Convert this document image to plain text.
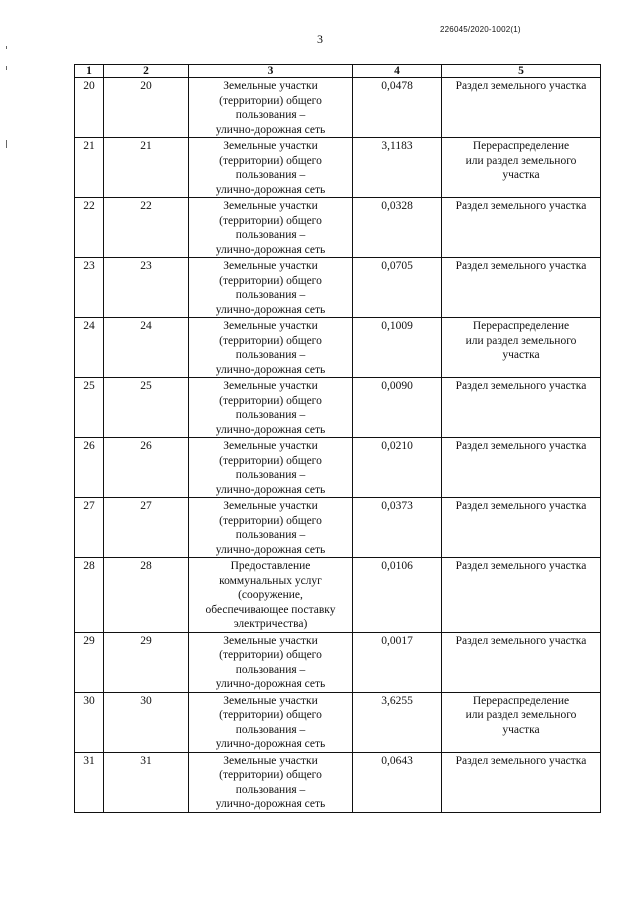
226045/2020-1002(1)
3
1	2	3	4	5
20	20	Земельные участки
(территории) общего
пользования –
улично-дорожная сеть	0,0478	Раздел земельного участка

21	21	Земельные участки
(территории) общего
пользования –
улично-дорожная сеть	3,1183	Перераспределение
или раздел земельного
участка

22	22	Земельные участки
(территории) общего
пользования –
улично-дорожная сеть	0,0328	Раздел земельного участка

23	23	Земельные участки
(территории) общего
пользования –
улично-дорожная сеть	0,0705	Раздел земельного участка

24	24	Земельные участки
(территории) общего
пользования –
улично-дорожная сеть	0,1009	Перераспределение
или раздел земельного
участка

25	25	Земельные участки
(территории) общего
пользования –
улично-дорожная сеть	0,0090	Раздел земельного участка

26	26	Земельные участки
(территории) общего
пользования –
улично-дорожная сеть	0,0210	Раздел земельного участка

27	27	Земельные участки
(территории) общего
пользования –
улично-дорожная сеть	0,0373	Раздел земельного участка

28	28	Предоставление
коммунальных услуг
(сооружение,
обеспечивающее поставку
электричества)	0,0106	Раздел земельного участка

29	29	Земельные участки
(территории) общего
пользования –
улично-дорожная сеть	0,0017	Раздел земельного участка

30	30	Земельные участки
(территории) общего
пользования –
улично-дорожная сеть	3,6255	Перераспределение
или раздел земельного
участка

31	31	Земельные участки
(территории) общего
пользования –
улично-дорожная сеть	0,0643	Раздел земельного участка
